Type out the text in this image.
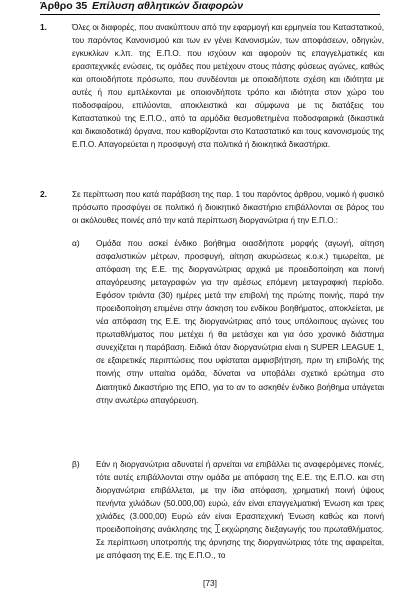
Άρθρο 35 Επίλυση αθλητικών διαφορών
1.	Όλες οι διαφορές, που ανακύπτουν από την εφαρμογή και ερμηνεία του Καταστατικού, του παρόντος Κανονισμού και των εν γένει Κανονισμών, των αποφάσεων, οδηγιών, εγκυκλίων κ.λπ. της Ε.Π.Ο. που ισχύουν και αφορούν τις επαγγελματικές και ερασιτεχνικές ενώσεις, τις ομάδες που μετέχουν στους πάσης φύσεως αγώνες, καθώς και οποιοδήποτε πρόσωπο, που συνδέονται με οποιαδήποτε σχέση και ιδιότητα με αυτές ή που εμπλέκονται με οποιονδήποτε τρόπο και ιδιότητα στον χώρο του ποδοσφαίρου, επιλύονται, αποκλειστικά και σύμφωνα με τις διατάξεις του Καταστατικού της Ε.Π.Ο., από τα αρμόδια θεσμοθετημένα ποδοσφαιρικά (δικαστικά και δικαιοδοτικά) όργανα, που καθορίζονται στο Καταστατικό και τους κανονισμούς της Ε.Π.Ο. Απαγορεύεται η προσφυγή στα πολιτικά ή διοικητικά δικαστήρια.
2.	Σε περίπτωση που κατά παράβαση της παρ. 1 του παρόντος άρθρου, νομικό ή φυσικό πρόσωπο προσφύγει σε πολιτικό ή διοικητικό δικαστήριο επιβάλλονται σε βάρος του οι ακόλουθες ποινές από την κατά περίπτωση διοργανώτρια ή την Ε.Π.Ο.:
α) Ομάδα που ασκεί ένδικο βοήθημα οιασδήποτε μορφής (αγωγή, αίτηση ασφαλιστικών μέτρων, προσφυγή, αίτηση ακυρώσεως κ.ο.κ.) τιμωρείται, με απόφαση της Ε.Ε. της διοργανώτριας αρχικά με προειδοποίηση και ποινή απαγόρευσης μεταγραφών για την αμέσως επόμενη μεταγραφική περίοδο. Εφόσον τριάντα (30) ημέρες μετά την επιβολή της πρώτης ποινής, παρά την προειδοποίηση επιμένει στην άσκηση του ενδίκου βοηθήματος, αποκλείεται, με νέα απόφαση της Ε.Ε. της διοργανώτριας από τους υπόλοιπους αγώνες του πρωταθλήματος που μετέχει ή θα μετάσχει και για όσο χρονικό διάστημα συνεχίζεται η παράβαση. Ειδικά όταν διοργανώτρια είναι η SUPER LEAGUE 1, σε εξαιρετικές περιπτώσεις που υφίσταται αμφισβήτηση, πριν τη επιβολής της ποινής στην υπαίτια ομάδα, δύναται να υποβάλει σχετικό ερώτημα στο Διαιτητικό Δικαστήριο της ΕΠΟ, για το αν το ασκηθέν ένδικο βοήθημα υπάγεται στην ανωτέρω απαγόρευση.
β) Εάν η διοργανώτρια αδυνατεί ή αρνείται να επιβάλλει τις αναφερόμενες ποινές, τότε αυτές επιβάλλονται στην ομάδα με απόφαση της Ε.Ε. της Ε.Π.Ο. και στη διοργανώτρια επιβάλλεται, με την ίδια απόφαση, χρηματική ποινή ύψους πενήντα χιλιάδων (50.000,00) ευρώ, εάν είναι επαγγελματική Ένωση και τρεις χιλιάδες (3.000,00) Ευρώ εάν είναι Ερασιτεχνική Ένωση καθώς και ποινή προειδοποίησης ανάκλησης της εκχώρησης διεξαγωγής του πρωταθλήματος. Σε περίπτωση υποτροπής της άρνησης της διοργανώτριας τότε της αφαιρείται, με απόφαση της Ε.Ε. της Ε.Π.Ο., το
[73]
